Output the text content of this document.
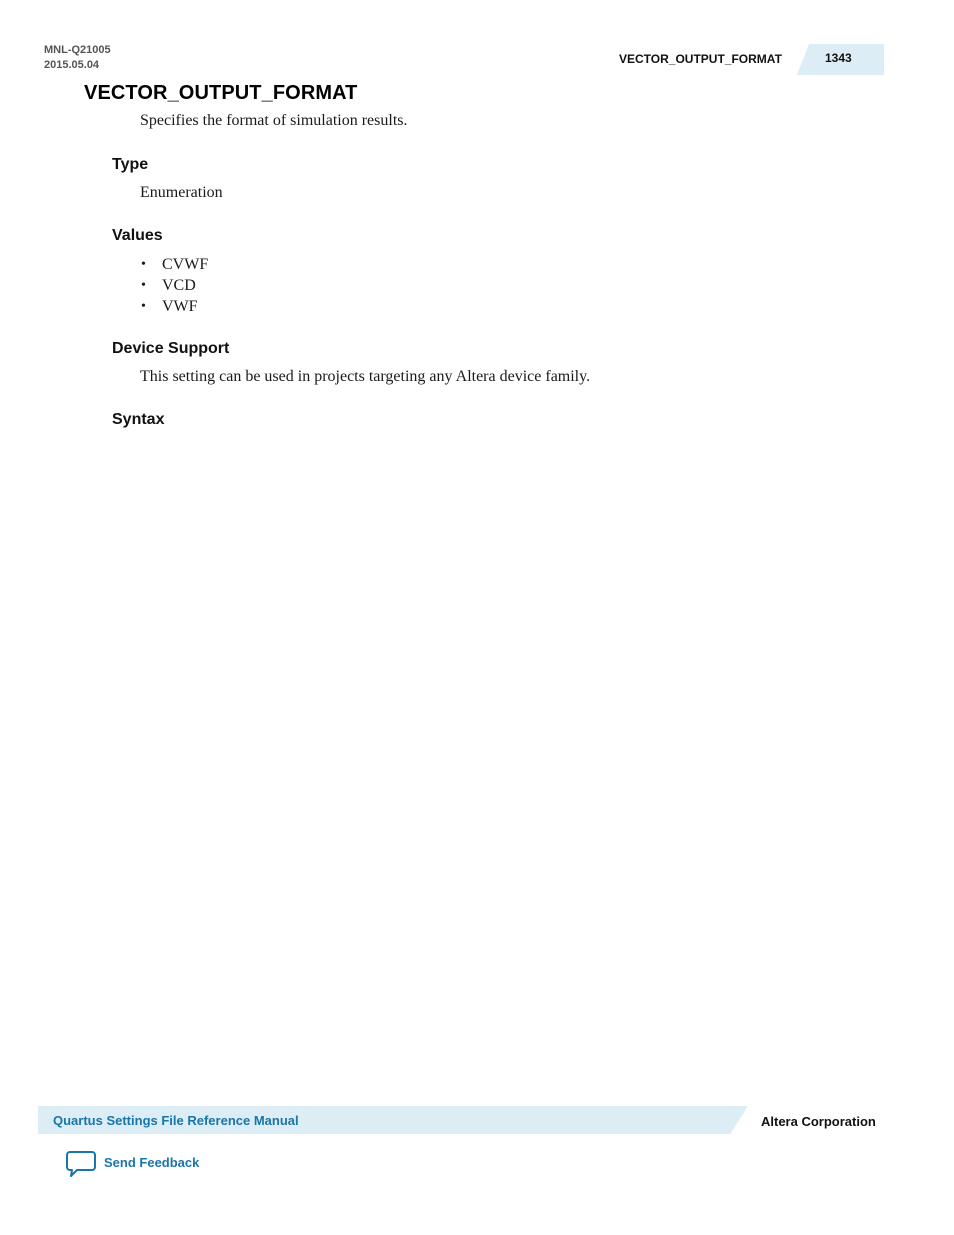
MNL-Q21005
2015.05.04	VECTOR_OUTPUT_FORMAT	1343
VECTOR_OUTPUT_FORMAT
Specifies the format of simulation results.
Type
Enumeration
Values
• CVWF
• VCD
• VWF
Device Support
This setting can be used in projects targeting any Altera device family.
Syntax
Quartus Settings File Reference Manual	Altera Corporation
Send Feedback
